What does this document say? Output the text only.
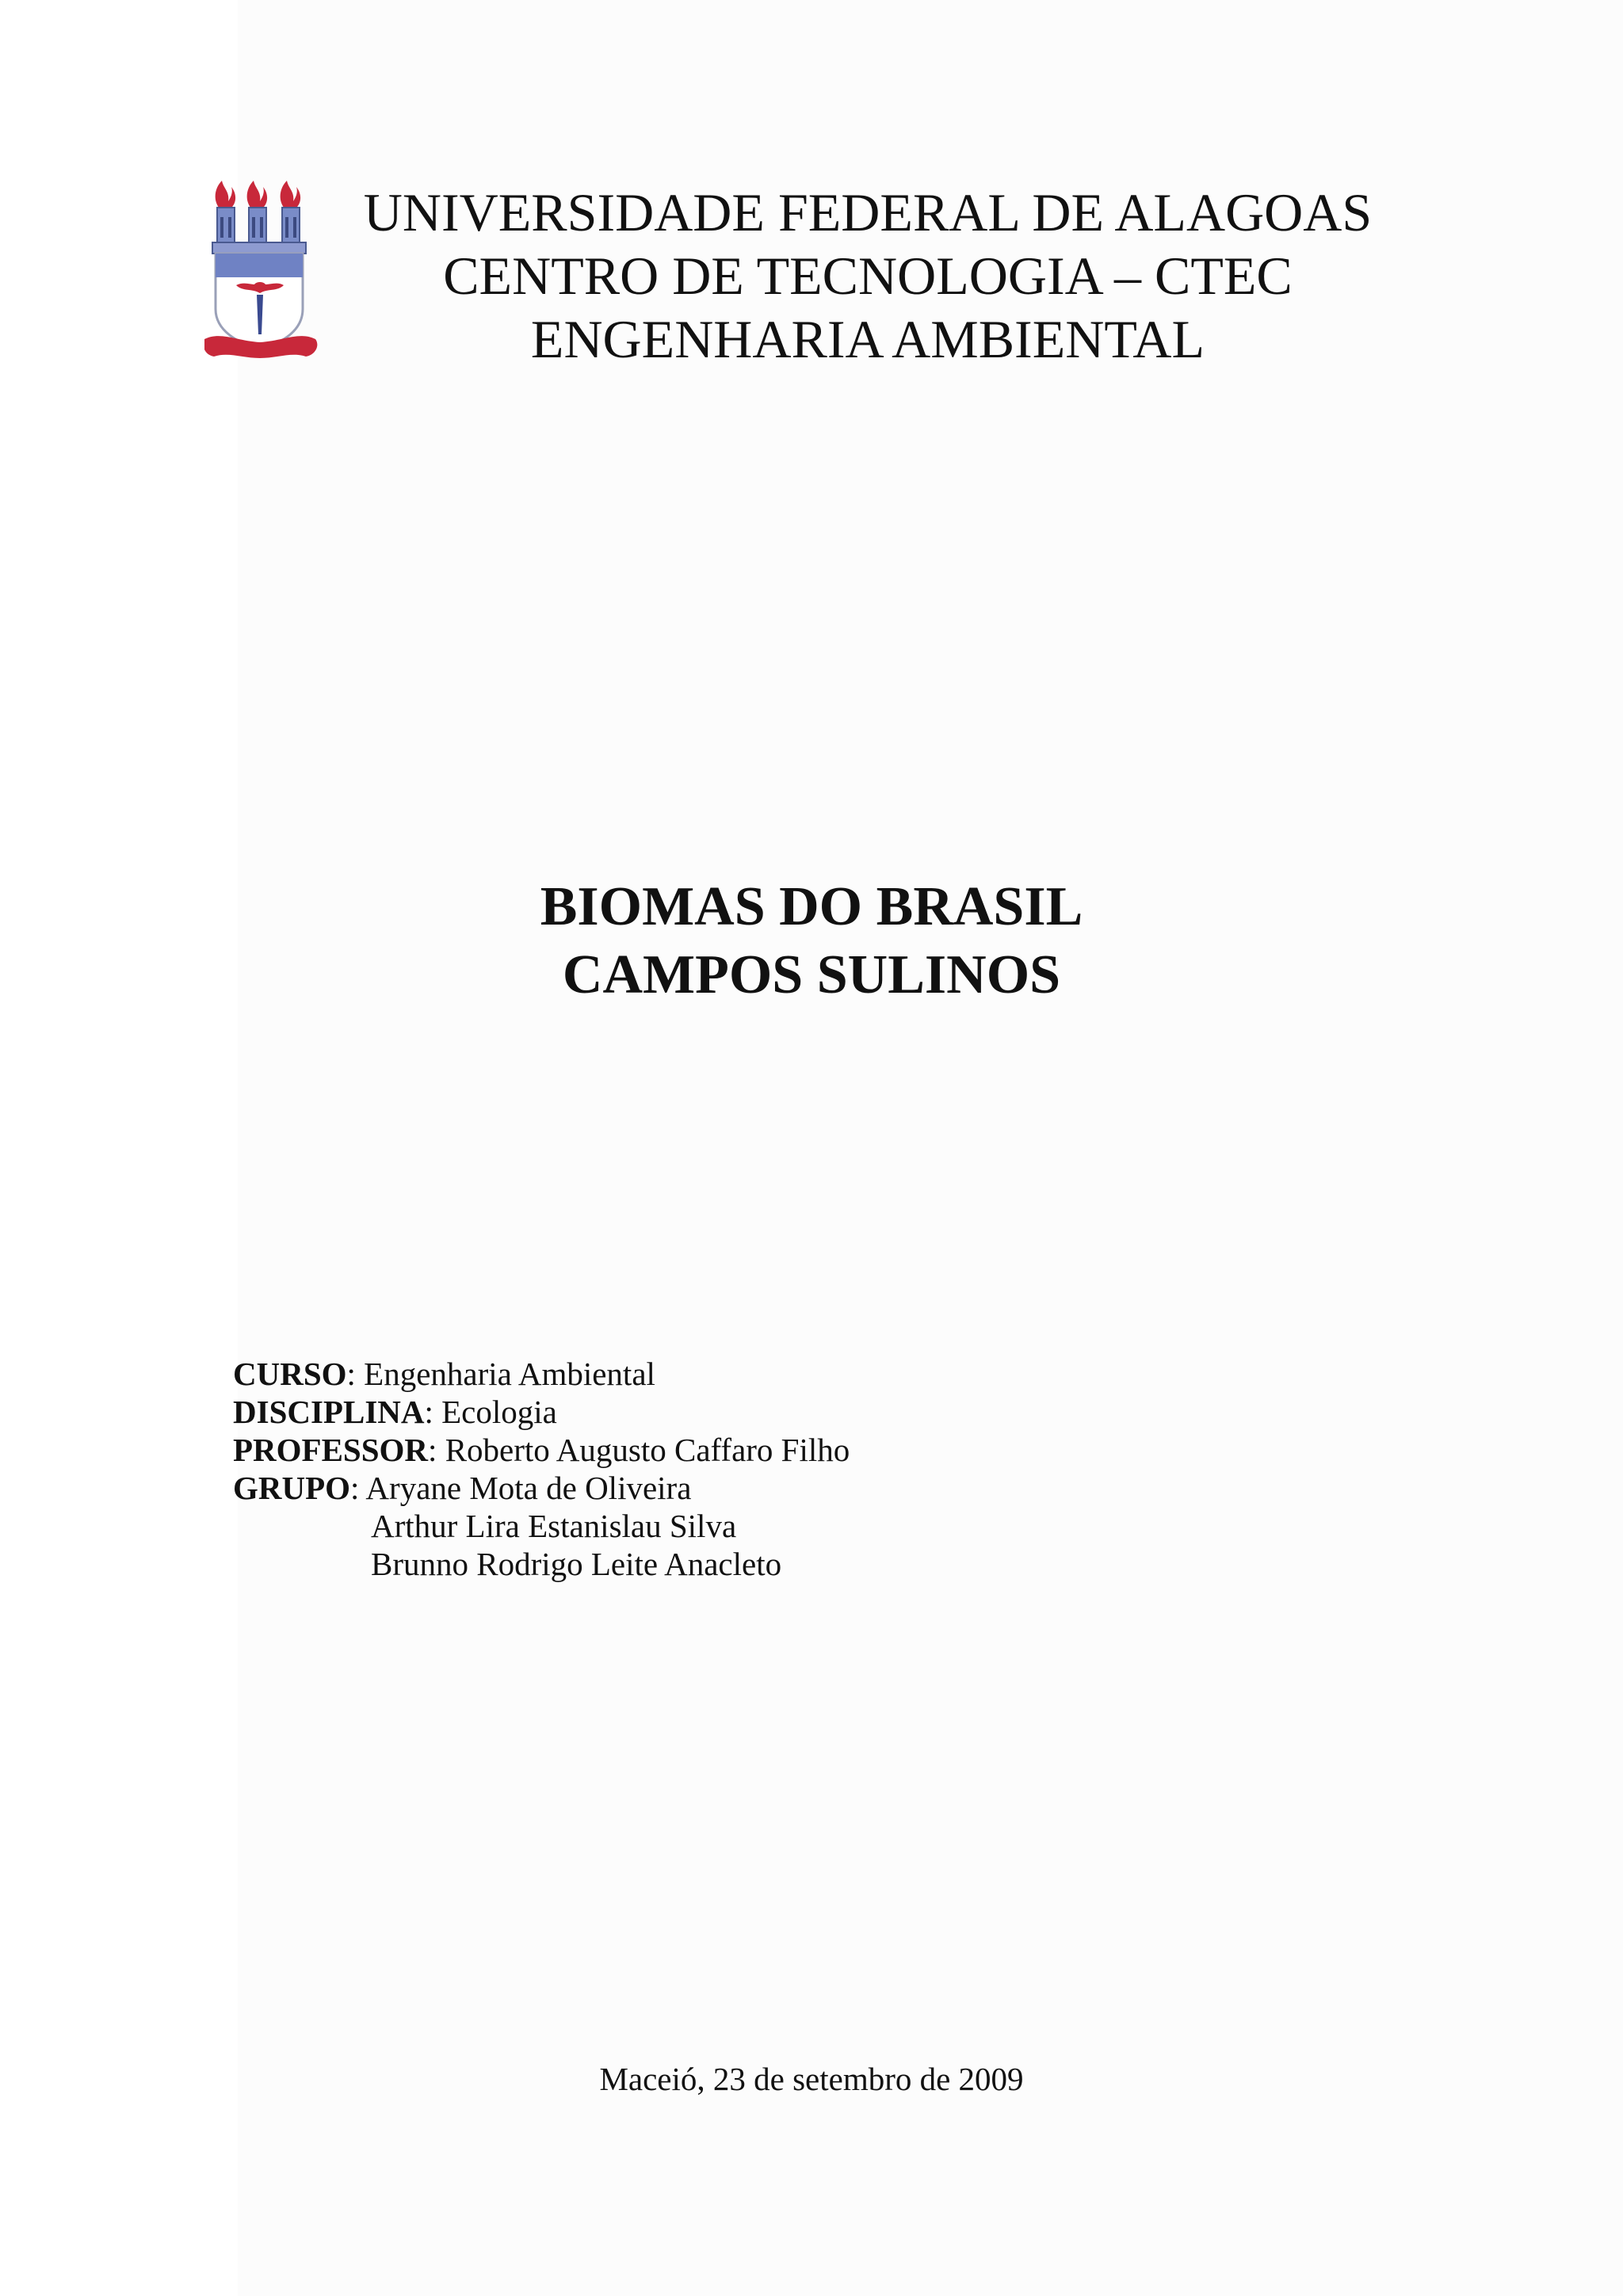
UNIVERSIDADE FEDERAL DE ALAGOAS
CENTRO DE TECNOLOGIA – CTEC
ENGENHARIA AMBIENTAL
BIOMAS DO BRASIL
CAMPOS SULINOS
CURSO: Engenharia Ambiental
DISCIPLINA: Ecologia
PROFESSOR: Roberto Augusto Caffaro Filho
GRUPO: Aryane Mota de Oliveira
Arthur Lira Estanislau Silva
Brunno Rodrigo Leite Anacleto
Maceió, 23 de setembro de 2009
